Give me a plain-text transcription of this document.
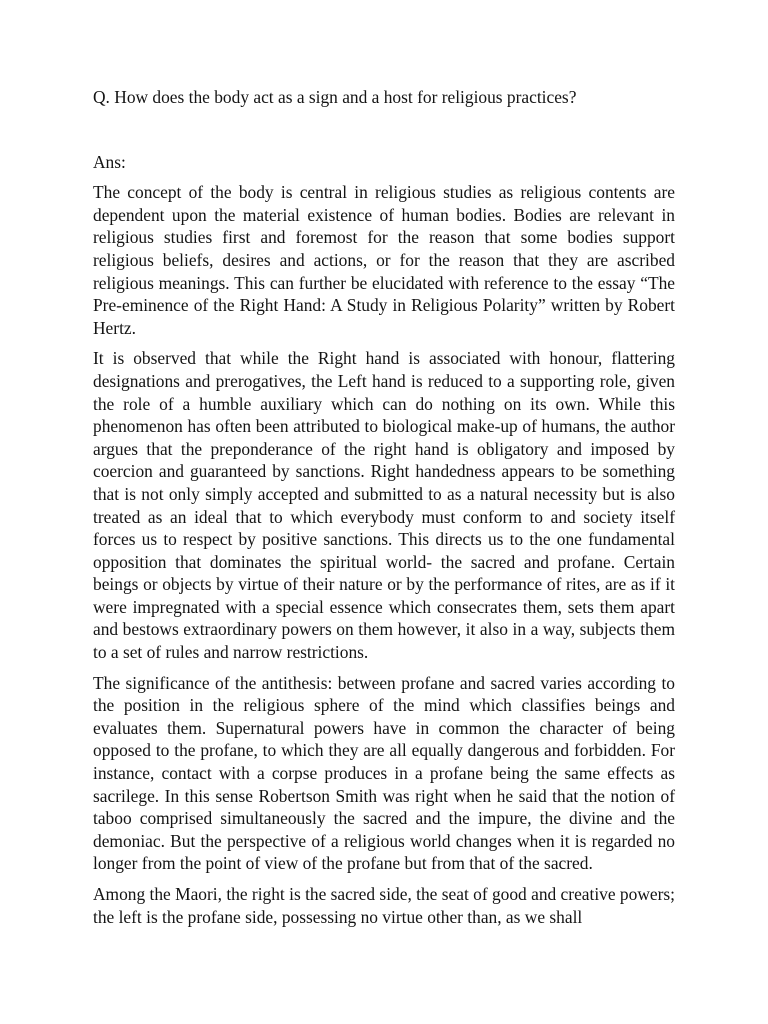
Q. How does the body act as a sign and a host for religious practices?

Ans:

The concept of the body is central in religious studies as religious contents are dependent upon the material existence of human bodies. Bodies are relevant in religious studies first and foremost for the reason that some bodies support religious beliefs, desires and actions, or for the reason that they are ascribed religious meanings. This can further be elucidated with reference to the essay “The Pre-eminence of the Right Hand: A Study in Religious Polarity” written by Robert Hertz.

It is observed that while the Right hand is associated with honour, flattering designations and prerogatives, the Left hand is reduced to a supporting role, given the role of a humble auxiliary which can do nothing on its own. While this phenomenon has often been attributed to biological make-up of humans, the author argues that the preponderance of the right hand is obligatory and imposed by coercion and guaranteed by sanctions. Right handedness appears to be something that is not only simply accepted and submitted to as a natural necessity but is also treated as an ideal that to which everybody must conform to and society itself forces us to respect by positive sanctions. This directs us to the one fundamental opposition that dominates the spiritual world- the sacred and profane. Certain beings or objects by virtue of their nature or by the performance of rites, are as if it were impregnated with a special essence which consecrates them, sets them apart and bestows extraordinary powers on them however, it also in a way, subjects them to a set of rules and narrow restrictions.

The significance of the antithesis: between profane and sacred varies according to the position in the religious sphere of the mind which classifies beings and evaluates them. Supernatural powers have in common the character of being opposed to the profane, to which they are all equally dangerous and forbidden. For instance, contact with a corpse produces in a profane being the same effects as sacrilege. In this sense Robertson Smith was right when he said that the notion of taboo comprised simultaneously the sacred and the impure, the divine and the demoniac. But the perspective of a religious world changes when it is regarded no longer from the point of view of the profane but from that of the sacred.

Among the Maori, the right is the sacred side, the seat of good and creative powers; the left is the profane side, possessing no virtue other than, as we shall
